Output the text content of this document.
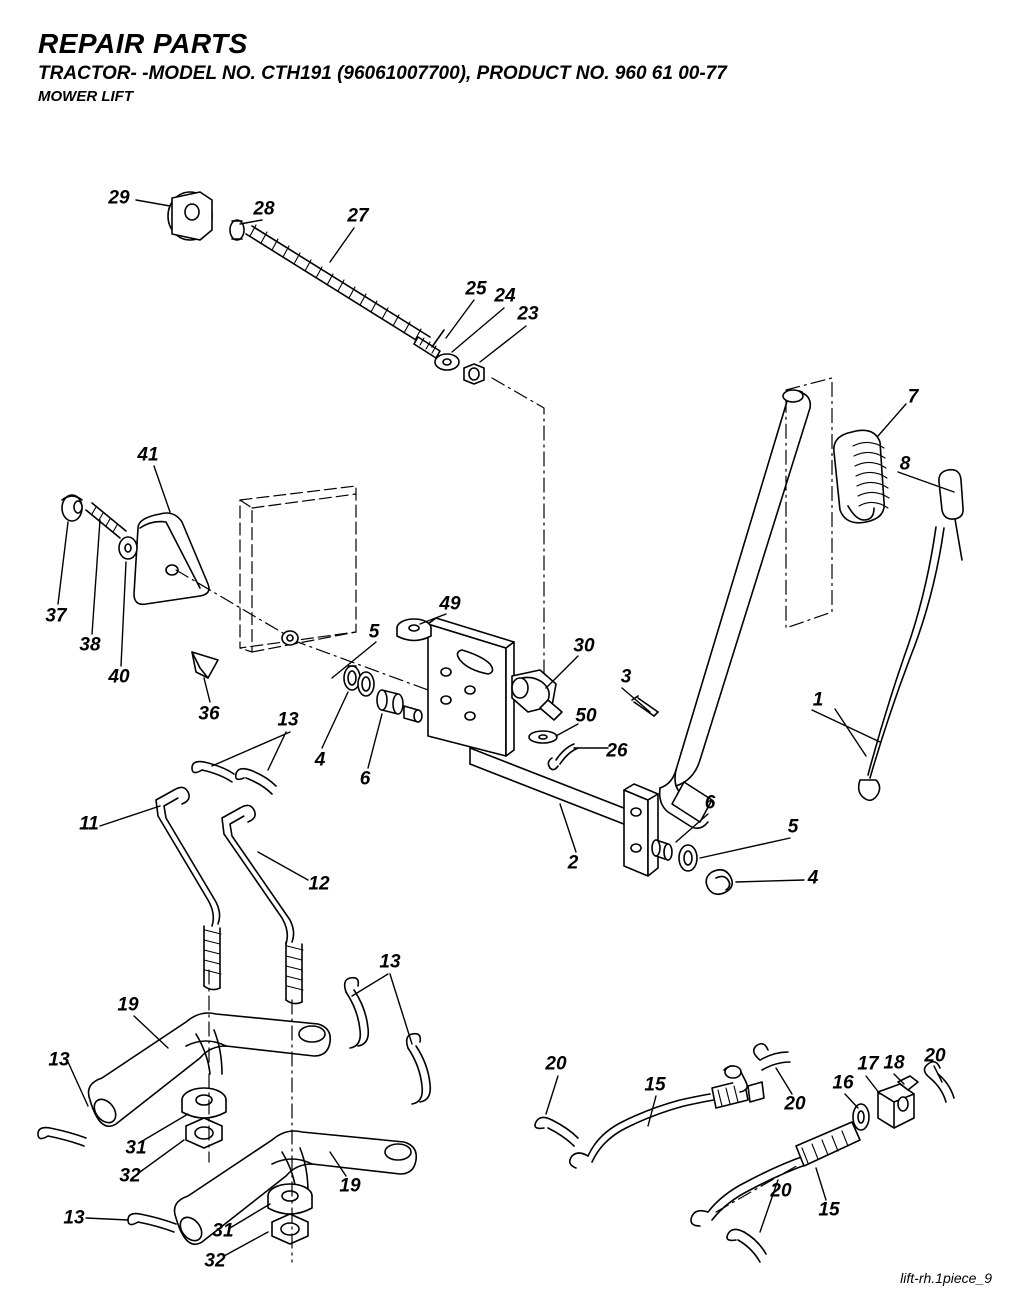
REPAIR PARTS
TRACTOR- -MODEL NO. CTH191 (96061007700), PRODUCT NO. 960 61 00-77
MOWER LIFT
29
28	27
25 24
23
7
8
41
37
38
40
36
49
5
30
3
1
50
26
4
6
13
11
12
2
6
5
4
13
19
13
31
32	19
13
31
32
20
15
20
17 18
16
20
20
15
lift-rh.1piece_9
